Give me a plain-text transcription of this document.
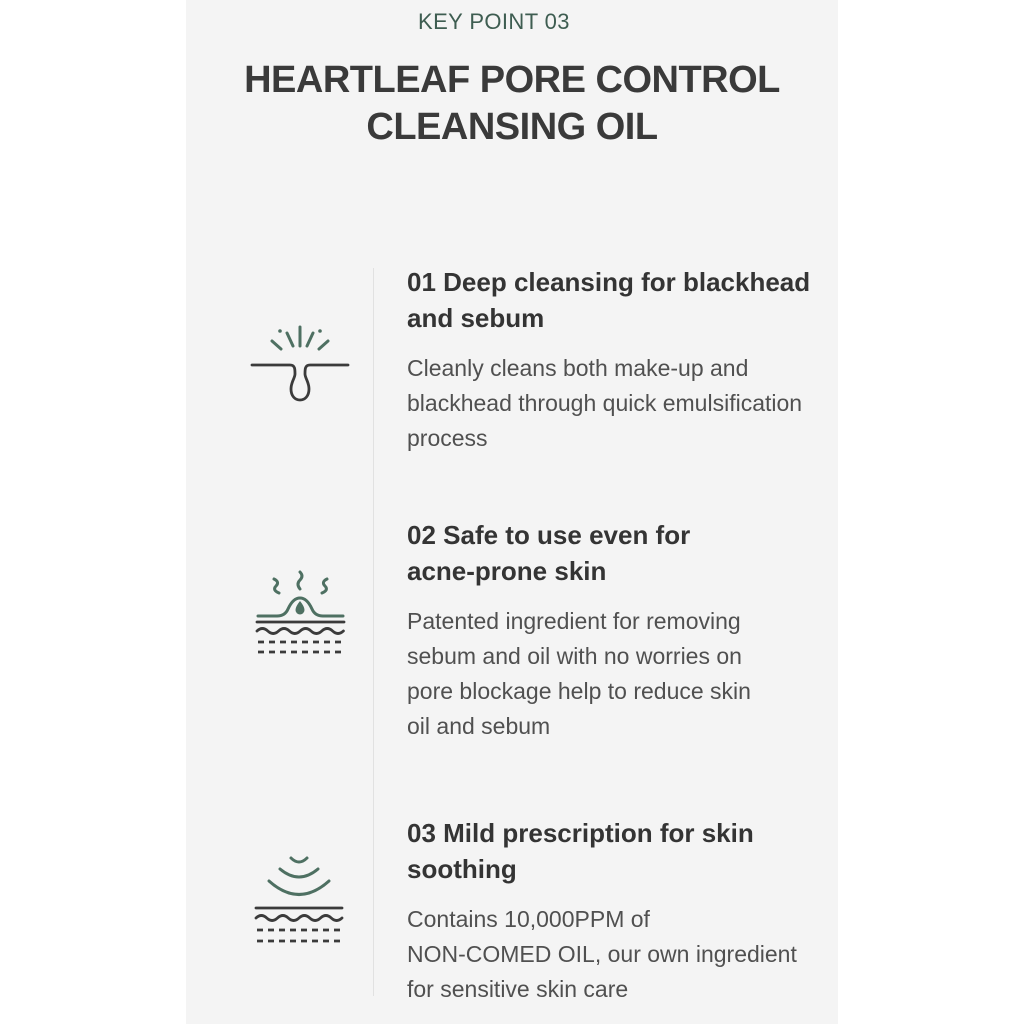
KEY POINT 03
HEARTLEAF PORE CONTROL
CLEANSING OIL
01 Deep cleansing for blackhead
and sebum

Cleanly cleans both make-up and
blackhead through quick emulsification
process

02 Safe to use even for
acne-prone skin

Patented ingredient for removing
sebum and oil with no worries on
pore blockage help to reduce skin
oil and sebum

03 Mild prescription for skin
soothing

Contains 10,000PPM of
NON-COMED OIL, our own ingredient
for sensitive skin care
